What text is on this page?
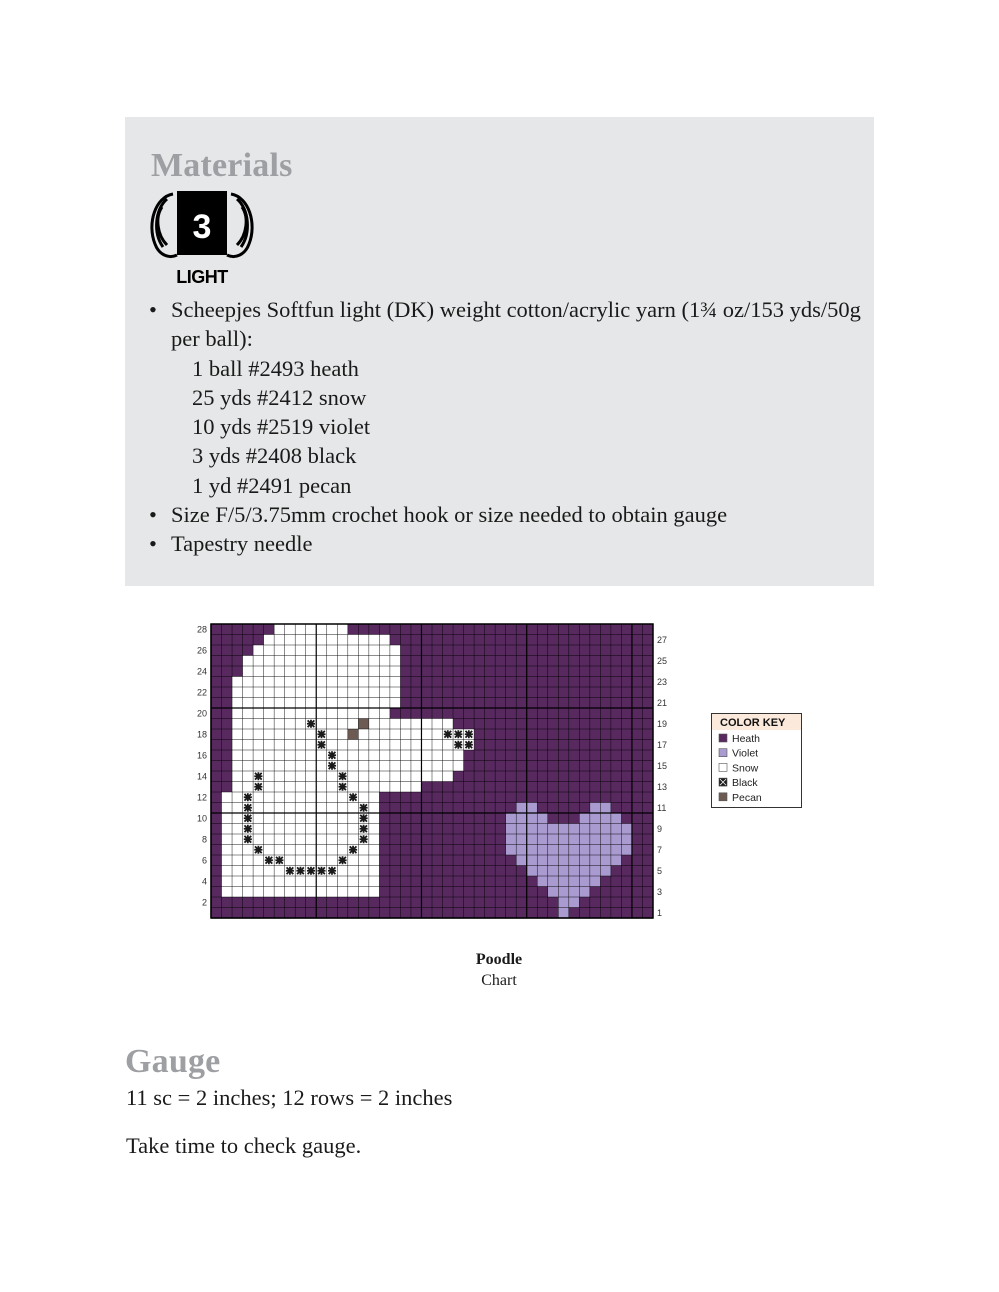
Materials
3
LIGHT
• Scheepjes Softfun light (DK) weight cotton/acrylic yarn (1¾ oz/153 yds/50g per ball):
1 ball #2493 heath
25 yds #2412 snow
10 yds #2519 violet
3 yds #2408 black
1 yd #2491 pecan
• Size F/5/3.75mm crochet hook or size needed to obtain gauge
• Tapestry needle
28
26
24
22
20
18
16
14
12
10
8
6
4
2
27
25
23
21
19
17
15
13
11
9
7
5
3
1
COLOR KEY
Heath
Violet
Snow
Black
Pecan
Poodle
Chart
Gauge
11 sc = 2 inches; 12 rows = 2 inches
Take time to check gauge.
